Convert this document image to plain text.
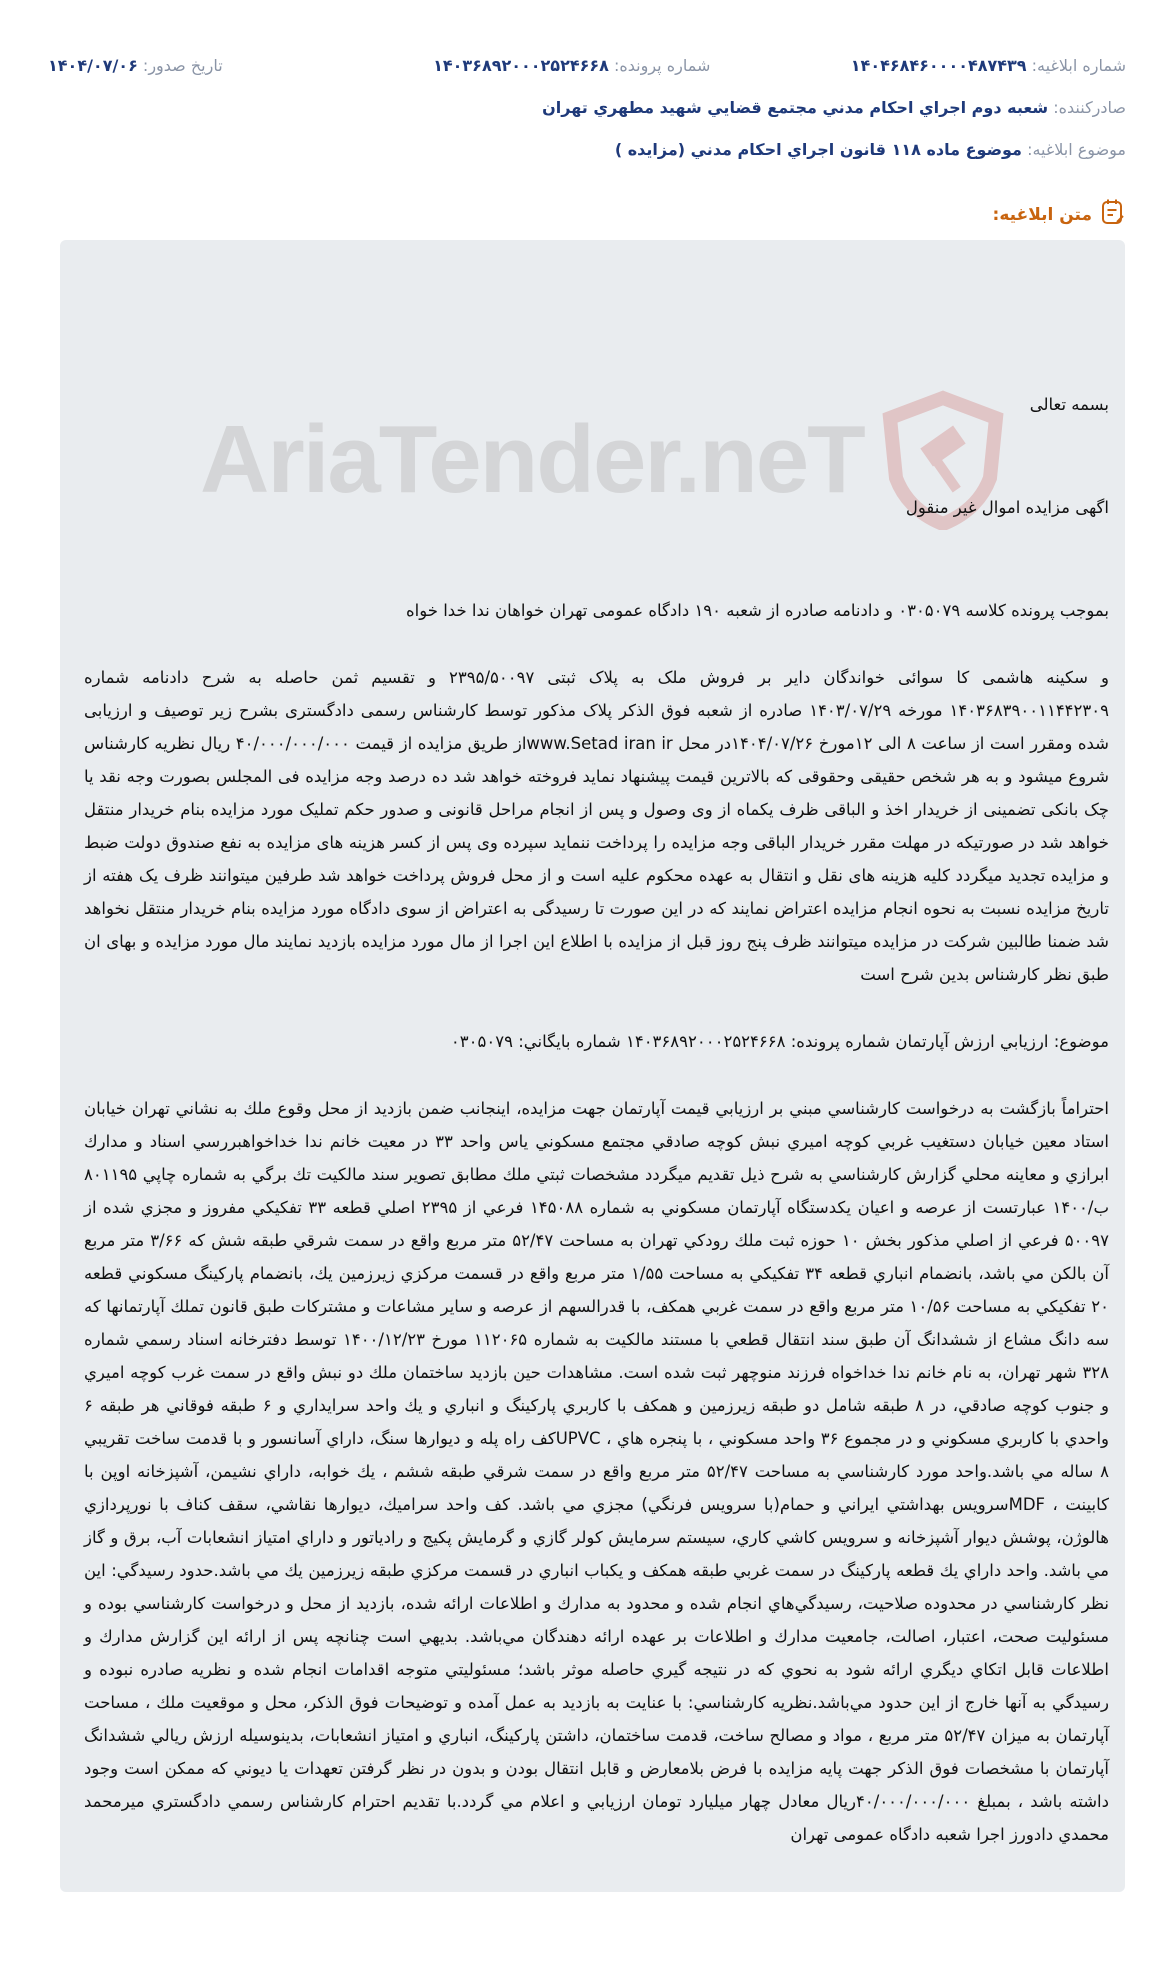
شماره ابلاغیه: ۱۴۰۴۶۸۴۶۰۰۰۰۴۸۷۴۳۹
شماره پرونده: ۱۴۰۳۶۸۹۲۰۰۰۲۵۲۴۶۶۸
تاریخ صدور: ۱۴۰۴/۰۷/۰۶
صادرکننده: شعبه دوم اجراي احكام مدني مجتمع قضايي شهيد مطهري تهران
موضوع ابلاغیه: موضوع ماده ۱۱۸ قانون اجراي احكام مدني (مزايده )
متن ابلاغیه:
AriaTender.neT

بسمه تعالی

اگهی مزایده اموال غیر منقول

بموجب پرونده کلاسه ۰۳۰۵۰۷۹ و دادنامه صادره از شعبه ۱۹۰ دادگاه عمومی تهران خواهان ندا خدا خواه

و سکینه هاشمی کا سوائی خواندگان دایر بر فروش ملک به پلاک ثبتی ۲۳۹۵/۵۰۰۹۷ و تقسیم ثمن حاصله به شرح دادنامه شماره ۱۴۰۳۶۸۳۹۰۰۱۱۴۴۲۳۰۹ مورخه ۱۴۰۳/۰۷/۲۹ صادره از شعبه فوق الذکر پلاک مذکور توسط کارشناس رسمی دادگستری بشرح زیر توصیف و ارزیابی شده ومقرر است از ساعت ۸ الی ۱۲مورخ ۱۴۰۴/۰۷/۲۶در محل www.Setad iran irاز طریق مزایده از قیمت ۴۰/۰۰۰/۰۰۰/۰۰۰ ریال نظریه کارشناس شروع میشود و به هر شخص حقیقی وحقوقی که بالاترین قیمت پیشنهاد نماید فروخته خواهد شد ده درصد وجه مزایده فی المجلس بصورت وجه نقد یا چک بانکی تضمینی از خریدار اخذ و الباقی ظرف یکماه از وی وصول و پس از انجام مراحل قانونی و صدور حکم تملیک مورد مزایده بنام خریدار منتقل خواهد شد در صورتیکه در مهلت مقرر خریدار الباقی وجه مزایده را پرداخت ننماید سپرده وی پس از کسر هزینه های مزایده به نفع صندوق دولت ضبط و مزایده تجدید میگردد کلیه هزینه های نقل و انتقال به عهده محکوم علیه است و از محل فروش پرداخت خواهد شد طرفین میتوانند ظرف یک هفته از تاریخ مزایده نسبت به نحوه انجام مزایده اعتراض نمایند که در این صورت تا رسیدگی به اعتراض از سوی دادگاه مورد مزایده بنام خریدار منتقل نخواهد شد ضمنا طالبین شرکت در مزایده میتوانند ظرف پنج روز قبل از مزایده با اطلاع این اجرا از مال مورد مزایده بازدید نمایند مال مورد مزایده و بهای ان طبق نظر کارشناس بدین شرح است

موضوع: ارزيابي ارزش آپارتمان شماره پرونده: ۱۴۰۳۶۸۹۲۰۰۰۲۵۲۴۶۶۸ شماره بايگاني: ۰۳۰۵۰۷۹

احتراماً بازگشت به درخواست كارشناسي مبني بر ارزيابي قيمت آپارتمان جهت مزايده، اينجانب ضمن بازديد از محل وقوع ملك به نشاني تهران خيابان استاد معين خيابان دستغيب غربي كوچه اميري نبش كوچه صادقي مجتمع مسكوني ياس واحد ۳۳ در معيت خانم ندا خداخواهبررسي اسناد و مدارك ابرازي و معاينه محلي گزارش كارشناسي به شرح ذيل تقديم ميگردد مشخصات ثبتي ملك مطابق تصوير سند مالكيت تك برگي به شماره چاپي ۸۰۱۱۹۵ ب/۱۴۰۰ عبارتست از عرصه و اعيان يكدستگاه آپارتمان مسكوني به شماره ۱۴۵۰۸۸ فرعي از ۲۳۹۵ اصلي قطعه ۳۳ تفكيكي مفروز و مجزي شده از ۵۰۰۹۷ فرعي از اصلي مذكور بخش ۱۰ حوزه ثبت ملك رودكي تهران به مساحت ۵۲/۴۷ متر مربع واقع در سمت شرقي طبقه شش كه ۳/۶۶ متر مربع آن بالكن مي باشد، بانضمام انباري قطعه ۳۴ تفكيكي به مساحت ۱/۵۵ متر مربع واقع در قسمت مركزي زيرزمين يك، بانضمام پاركينگ مسكوني قطعه ۲۰ تفكيكي به مساحت ۱۰/۵۶ متر مربع واقع در سمت غربي همكف، با قدرالسهم از عرصه و ساير مشاعات و مشتركات طبق قانون تملك آپارتمانها كه سه دانگ مشاع از ششدانگ آن طبق سند انتقال قطعي با مستند مالكيت به شماره ۱۱۲۰۶۵ مورخ ۱۴۰۰/۱۲/۲۳ توسط دفترخانه اسناد رسمي شماره ۳۲۸ شهر تهران، به نام خانم ندا خداخواه فرزند منوچهر ثبت شده است. مشاهدات حين بازديد ساختمان ملك دو نبش واقع در سمت غرب كوچه اميري و جنوب كوچه صادقي، در ۸ طبقه شامل دو طبقه زيرزمين و همكف با كاربري پاركينگ و انباري و يك واحد سرايداري و ۶ طبقه فوقاني هر طبقه ۶ واحدي با كاربري مسكوني و در مجموع ۳۶ واحد مسكوني ، با پنجره هاي ، UPVCكف راه پله و ديوارها سنگ، داراي آسانسور و با قدمت ساخت تقريبي ۸ ساله مي باشد.واحد مورد كارشناسي به مساحت ۵۲/۴۷ متر مربع واقع در سمت شرقي طبقه ششم ، يك خوابه، داراي نشيمن، آشپزخانه اوپن با كابينت ، MDFسرويس بهداشتي ايراني و حمام(با سرويس فرنگي) مجزي مي باشد. كف واحد سراميك، ديوارها نقاشي، سقف كناف با نورپردازي هالوژن، پوشش ديوار آشپزخانه و سرويس كاشي كاري، سيستم سرمايش كولر گازي و گرمايش پكيج و رادياتور و داراي امتياز انشعابات آب، برق و گاز مي باشد. واحد داراي يك قطعه پاركينگ در سمت غربي طبقه همكف و يكباب انباري در قسمت مركزي طبقه زيرزمين يك مي باشد.حدود رسيدگي: اين نظر كارشناسي در محدوده صلاحيت، رسيدگي‌هاي انجام شده و محدود به مدارك و اطلاعات ارائه شده، بازديد از محل و درخواست كارشناسي بوده و مسئوليت صحت، اعتبار، اصالت، جامعيت مدارك و اطلاعات بر عهده ارائه دهندگان مي‌باشد. بديهي است چنانچه پس از ارائه اين گزارش مدارك و اطلاعات قابل اتكاي ديگري ارائه شود به نحوي كه در نتيجه گيري حاصله موثر باشد؛ مسئوليتي متوجه اقدامات انجام شده و نظريه صادره نبوده و رسيدگي به آنها خارج از اين حدود مي‌باشد.نظريه كارشناسي: با عنايت به بازديد به عمل آمده و توضيحات فوق الذكر، محل و موقعيت ملك ، مساحت آپارتمان به ميزان ۵۲/۴۷ متر مربع ، مواد و مصالح ساخت، قدمت ساختمان، داشتن پاركينگ، انباري و امتياز انشعابات، بدينوسيله ارزش ريالي ششدانگ آپارتمان با مشخصات فوق الذكر جهت پايه مزايده با فرض بلامعارض و قابل انتقال بودن و بدون در نظر گرفتن تعهدات يا ديوني كه ممكن است وجود داشته باشد ، بمبلغ ۴۰/۰۰۰/۰۰۰/۰۰۰ريال معادل چهار ميليارد تومان ارزيابي و اعلام مي گردد.با تقديم احترام كارشناس رسمي دادگستري ميرمحمد محمدي دادورز اجرا شعبه دادگاه عمومی تهران
